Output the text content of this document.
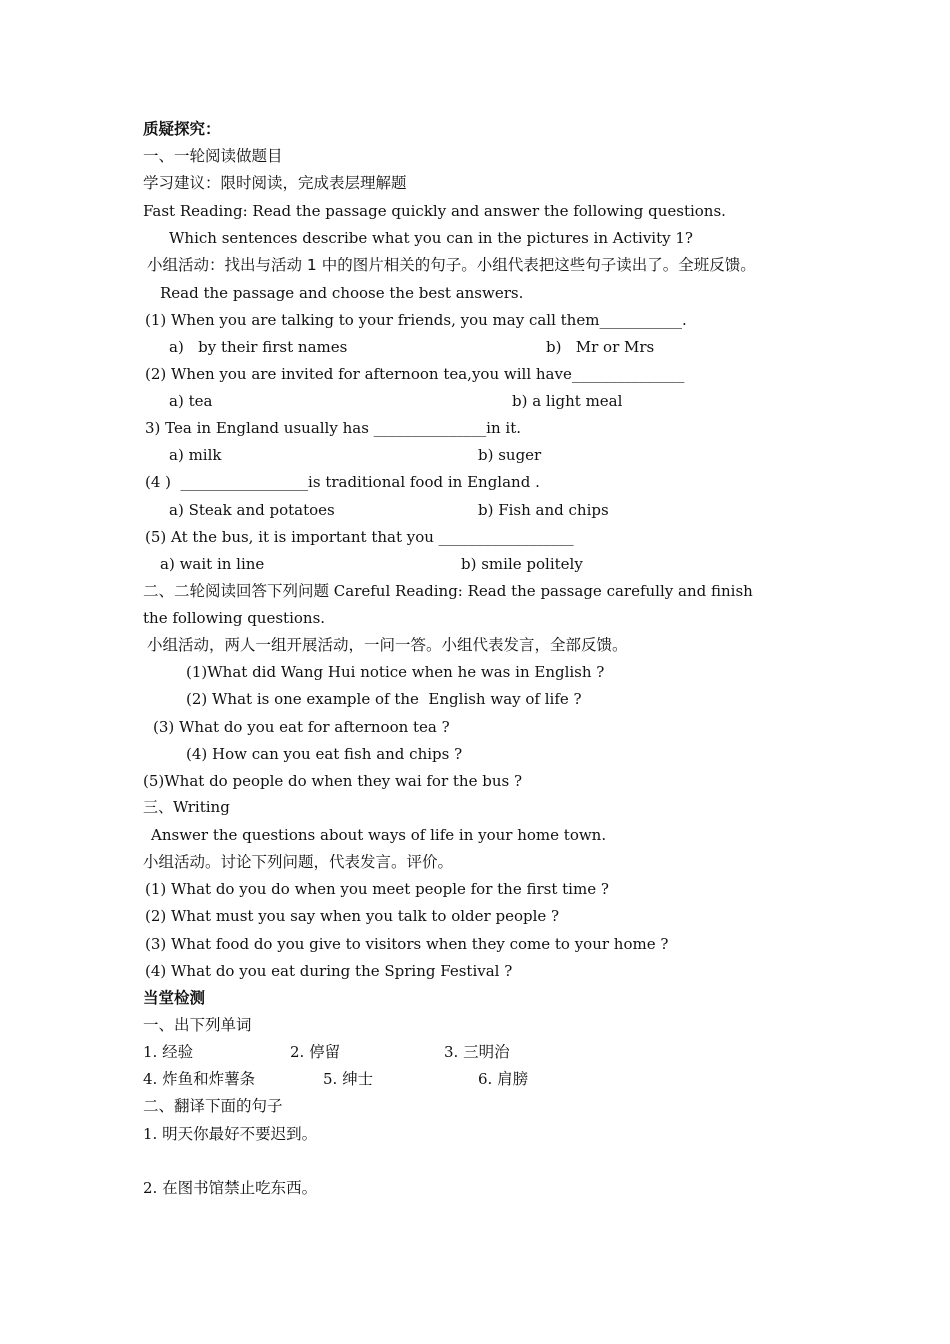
质疑探究：
一、一轮阅读做题目
学习建议：限时阅读，完成表层理解题
Fast Reading: Read the passage quickly and answer the following questions.
Which sentences describe what you can in the pictures in Activity 1?
小组活动：找出与活动 1 中的图片相关的句子。小组代表把这些句子读出了。全班反馈。
Read the passage and choose the best answers.
(1) When you are talking to your friends, you may call them___________.
a)   by their first names	b)   Mr or Mrs
(2) When you are invited for afternoon tea,you will have_______________
a) tea	b) a light meal
3) Tea in England usually has _______________in it.
a) milk	b) suger
(4 )  _________________is traditional food in England .
a) Steak and potatoes	b) Fish and chips
(5) At the bus, it is important that you __________________
a) wait in line	b) smile politely
二、二轮阅读回答下列问题 Careful Reading: Read the passage carefully and finish
the following questions.
小组活动，两人一组开展活动，一问一答。小组代表发言，全部反馈。
(1)What did Wang Hui notice when he was in English ?
(2) What is one example of the  English way of life ?
(3) What do you eat for afternoon tea ?
(4) How can you eat fish and chips ?
(5)What do people do when they wai for the bus ?
三、Writing
Answer the questions about ways of life in your home town.
小组活动。讨论下列问题，代表发言。评价。
(1) What do you do when you meet people for the first time ?
(2) What must you say when you talk to older people ?
(3) What food do you give to visitors when they come to your home ?
(4) What do you eat during the Spring Festival ?
当堂检测
一、出下列单词
1. 经验	2. 停留	3. 三明治
4. 炸鱼和炸薯条	5. 绅士	6. 肩膀
二、翻译下面的句子
1. 明天你最好不要迟到。
2. 在图书馆禁止吃东西。
